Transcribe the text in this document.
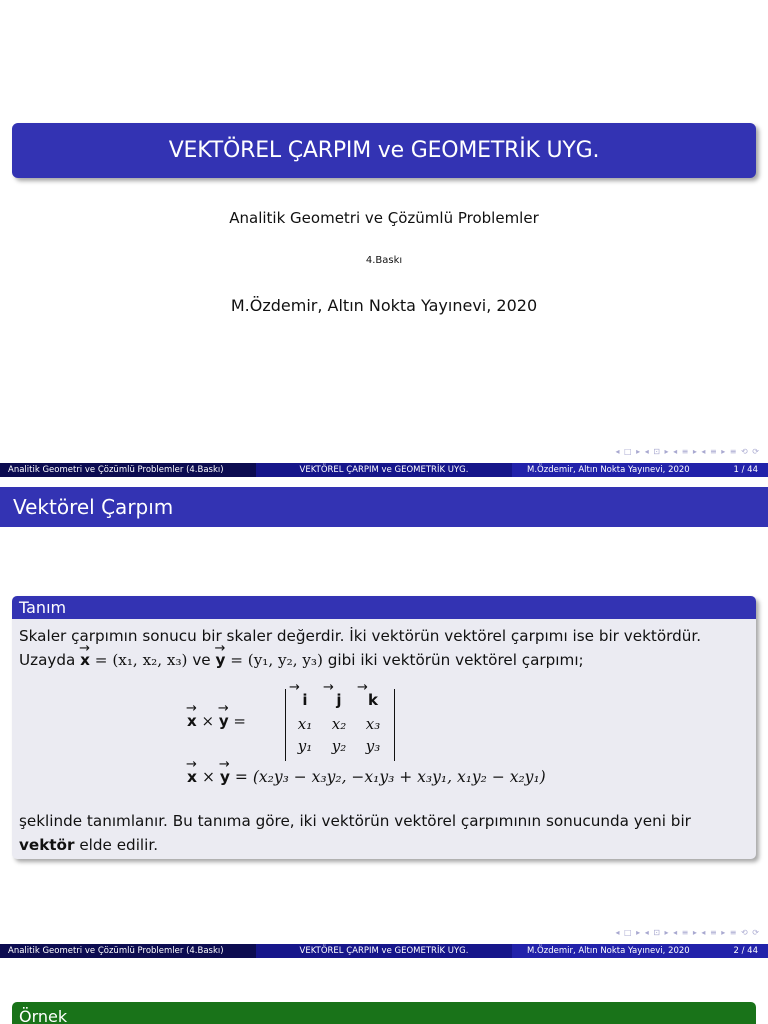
VEKTÖREL ÇARPIM ve GEOMETRİK UYG.
Analitik Geometri ve Çözümlü Problemler
4.Baskı
M.Özdemir, Altın Nokta Yayınevi, 2020
◂ □ ▸ ◂ ⊡ ▸ ◂ ≡ ▸ ◂ ≡ ▸ ≡ ⟲ ⟳
Analitik Geometri ve Çözümlü Problemler (4.Baskı)	VEKTÖREL ÇARPIM ve GEOMETRİK UYG.	M.Özdemir, Altın Nokta Yayınevi, 2020	1 / 44
Vektörel Çarpım
Tanım
Skaler çarpımın sonucu bir skaler değerdir. İki vektörün vektörel çarpımı ise bir vektördür.
Uzayda → x = (x₁, x₂, x₃) ve → y = (y₁, y₂, y₃) gibi iki vektörün vektörel çarpımı;
→ x × → y =
→ i	→ j	→ k
x₁	x₂	x₃
y₁	y₂	y₃
→ x × → y = (x₂y₃ − x₃y₂, −x₁y₃ + x₃y₁, x₁y₂ − x₂y₁)
şeklinde tanımlanır. Bu tanıma göre, iki vektörün vektörel çarpımının sonucunda yeni bir
vektör elde edilir.
◂ □ ▸ ◂ ⊡ ▸ ◂ ≡ ▸ ◂ ≡ ▸ ≡ ⟲ ⟳
Analitik Geometri ve Çözümlü Problemler (4.Baskı)	VEKTÖREL ÇARPIM ve GEOMETRİK UYG.	M.Özdemir, Altın Nokta Yayınevi, 2020	2 / 44
Örnek
